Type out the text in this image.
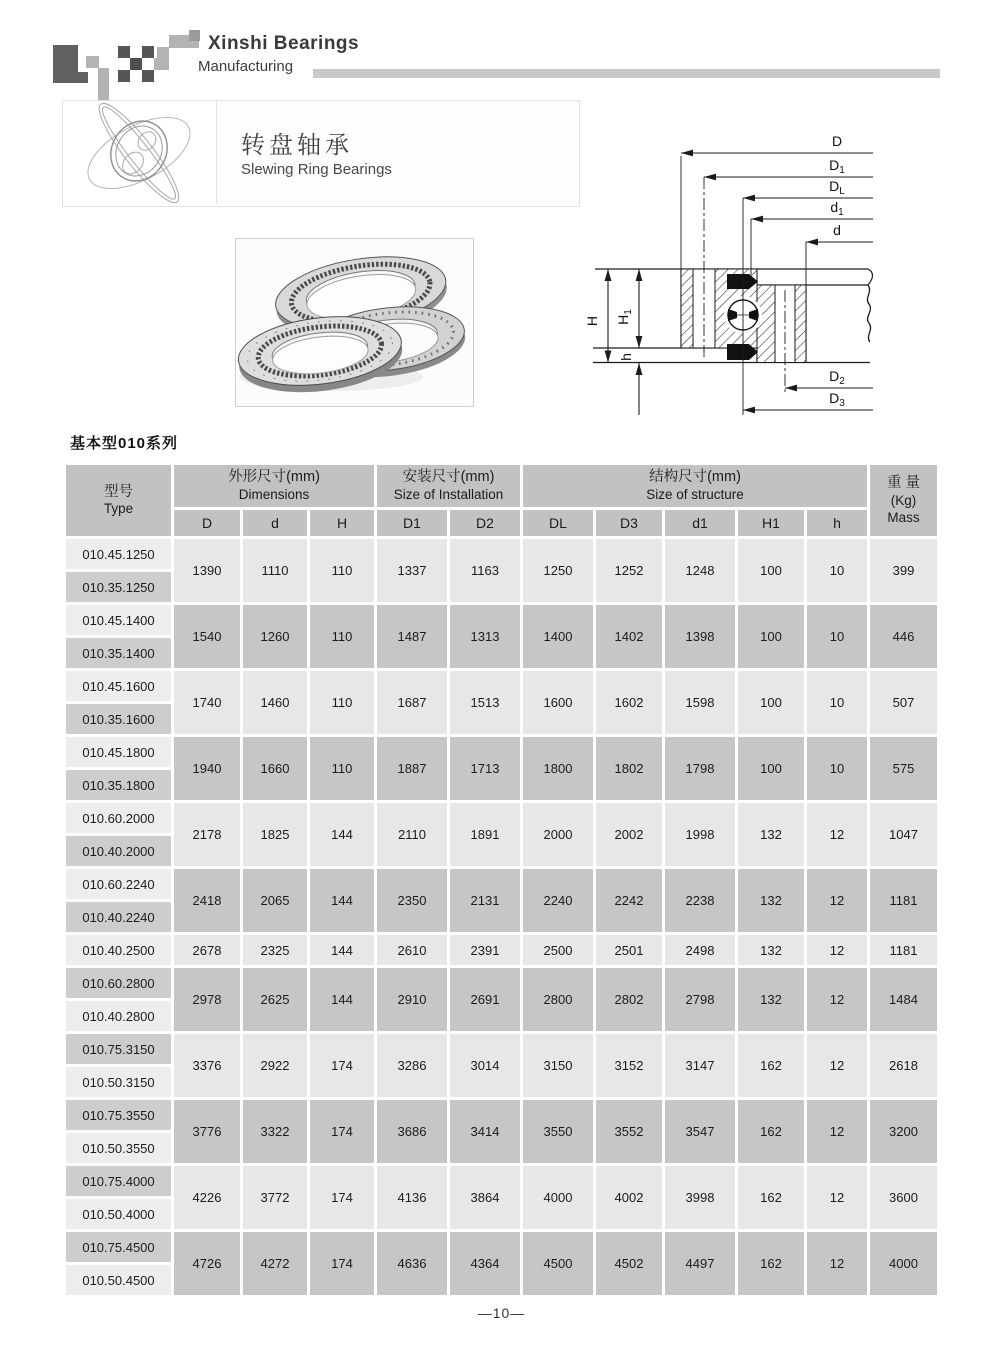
Xinshi Bearings
Manufacturing
转盘轴承
Slewing Ring Bearings
D
$D_1$
$D_L$
$d_1$
d
$D_2$
$D_3$
H $H_1$
h
基本型010系列
型号
Type	外形尺寸(mm)
Dimensions			安装尺寸(mm)
Size of Installation		结构尺寸(mm)
Size of structure					重 量
(Kg)
Mass

	D	d	H	D1	D2	DL	D3	d1	H1	h	
010.45.1250	1390	1110	110	1337	1163	1250	1252	1248	100	10	399
010.35.1250											
010.45.1400	1540	1260	110	1487	1313	1400	1402	1398	100	10	446
010.35.1400											
010.45.1600	1740	1460	110	1687	1513	1600	1602	1598	100	10	507
010.35.1600											
010.45.1800	1940	1660	110	1887	1713	1800	1802	1798	100	10	575
010.35.1800											
010.60.2000	2178	1825	144	2110	1891	2000	2002	1998	132	12	1047
010.40.2000											
010.60.2240	2418	2065	144	2350	2131	2240	2242	2238	132	12	1181
010.40.2240											
010.40.2500	2678	2325	144	2610	2391	2500	2501	2498	132	12	1181
010.60.2800	2978	2625	144	2910	2691	2800	2802	2798	132	12	1484
010.40.2800											
010.75.3150	3376	2922	174	3286	3014	3150	3152	3147	162	12	2618
010.50.3150											
010.75.3550	3776	3322	174	3686	3414	3550	3552	3547	162	12	3200
010.50.3550											
010.75.4000	4226	3772	174	4136	3864	4000	4002	3998	162	12	3600
010.50.4000											
010.75.4500	4726	4272	174	4636	4364	4500	4502	4497	162	12	4000
010.50.4500											
—10—
